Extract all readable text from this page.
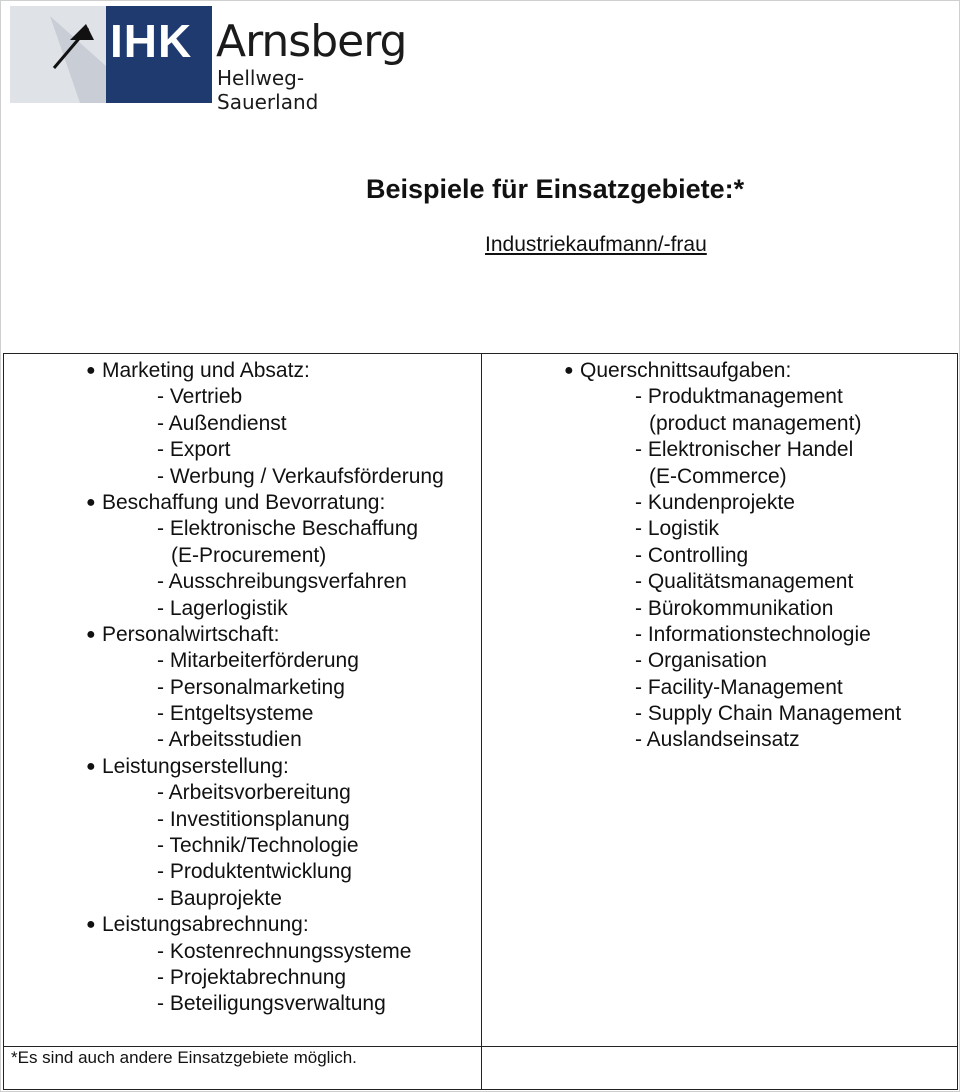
IHK Arnsberg
Hellweg-Sauerland
Beispiele für Einsatzgebiete:*
Industriekaufmann/-frau
● Marketing und Absatz:
- Vertrieb
- Außendienst
- Export
- Werbung / Verkaufsförderung
● Beschaffung und Bevorratung:
- Elektronische Beschaffung
(E-Procurement)
- Ausschreibungsverfahren
- Lagerlogistik
● Personalwirtschaft:
- Mitarbeiterförderung
- Personalmarketing
- Entgeltsysteme
- Arbeitsstudien
● Leistungserstellung:
- Arbeitsvorbereitung
- Investitionsplanung
- Technik/Technologie
- Produktentwicklung
- Bauprojekte
● Leistungsabrechnung:
- Kostenrechnungssysteme
- Projektabrechnung
- Beteiligungsverwaltung
● Querschnittsaufgaben:
- Produktmanagement
(product management)
- Elektronischer Handel
(E-Commerce)
- Kundenprojekte
- Logistik
- Controlling
- Qualitätsmanagement
- Bürokommunikation
- Informationstechnologie
- Organisation
- Facility-Management
- Supply Chain Management
- Auslandseinsatz
*Es sind auch andere Einsatzgebiete möglich.
